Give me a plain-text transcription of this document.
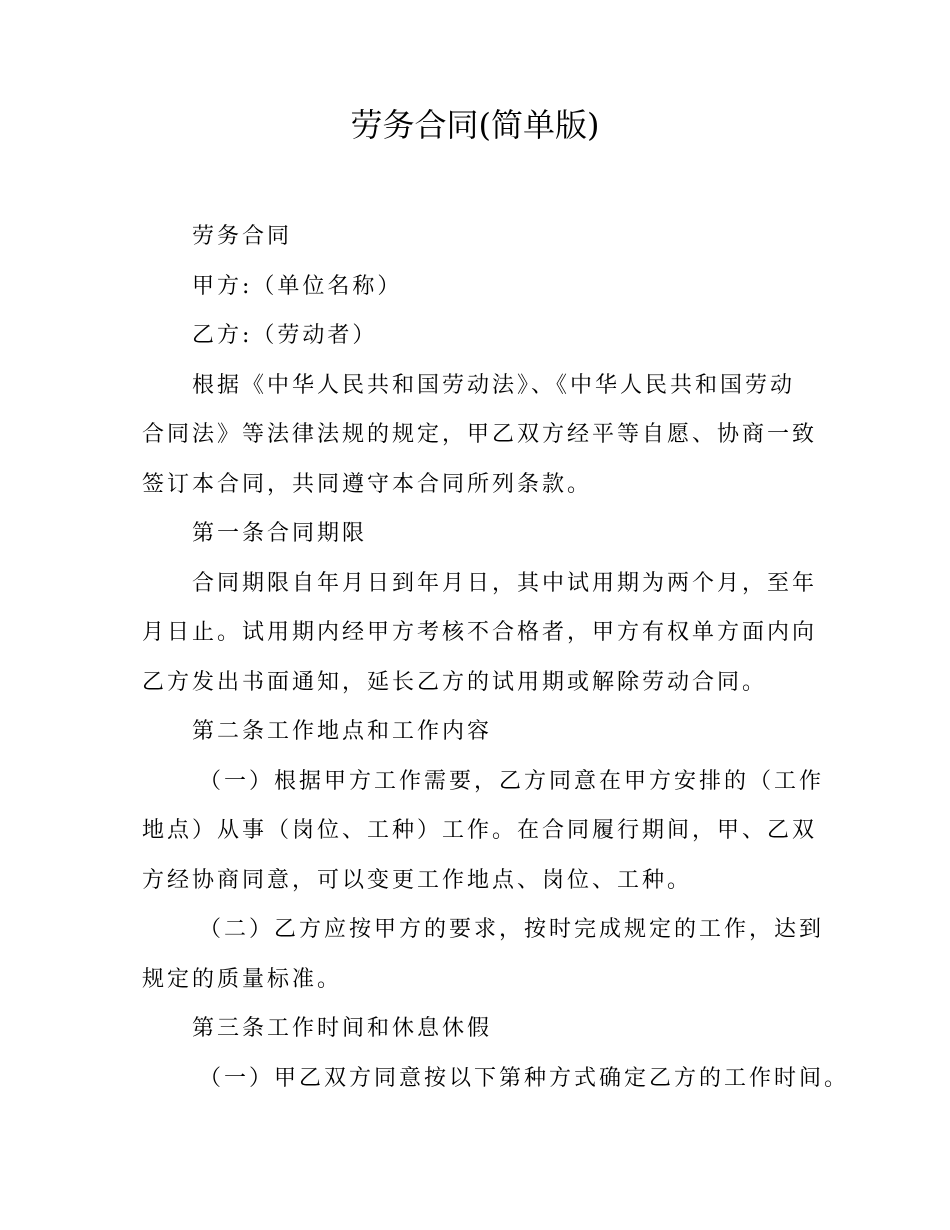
劳务合同(简单版)

劳务合同

甲方:（单位名称）

乙方:（劳动者）

根据《中华人民共和国劳动法》、《中华人民共和国劳动

合同法》等法律法规的规定，甲乙双方经平等自愿、协商一致

签订本合同，共同遵守本合同所列条款。

第一条合同期限

合同期限自年月日到年月日，其中试用期为两个月，至年

月日止。试用期内经甲方考核不合格者，甲方有权单方面内向

乙方发出书面通知，延长乙方的试用期或解除劳动合同。

第二条工作地点和工作内容

（一）根据甲方工作需要，乙方同意在甲方安排的（工作

地点）从事（岗位、工种）工作。在合同履行期间，甲、乙双

方经协商同意，可以变更工作地点、岗位、工种。

（二）乙方应按甲方的要求，按时完成规定的工作，达到

规定的质量标准。

第三条工作时间和休息休假

（一）甲乙双方同意按以下第种方式确定乙方的工作时间。
